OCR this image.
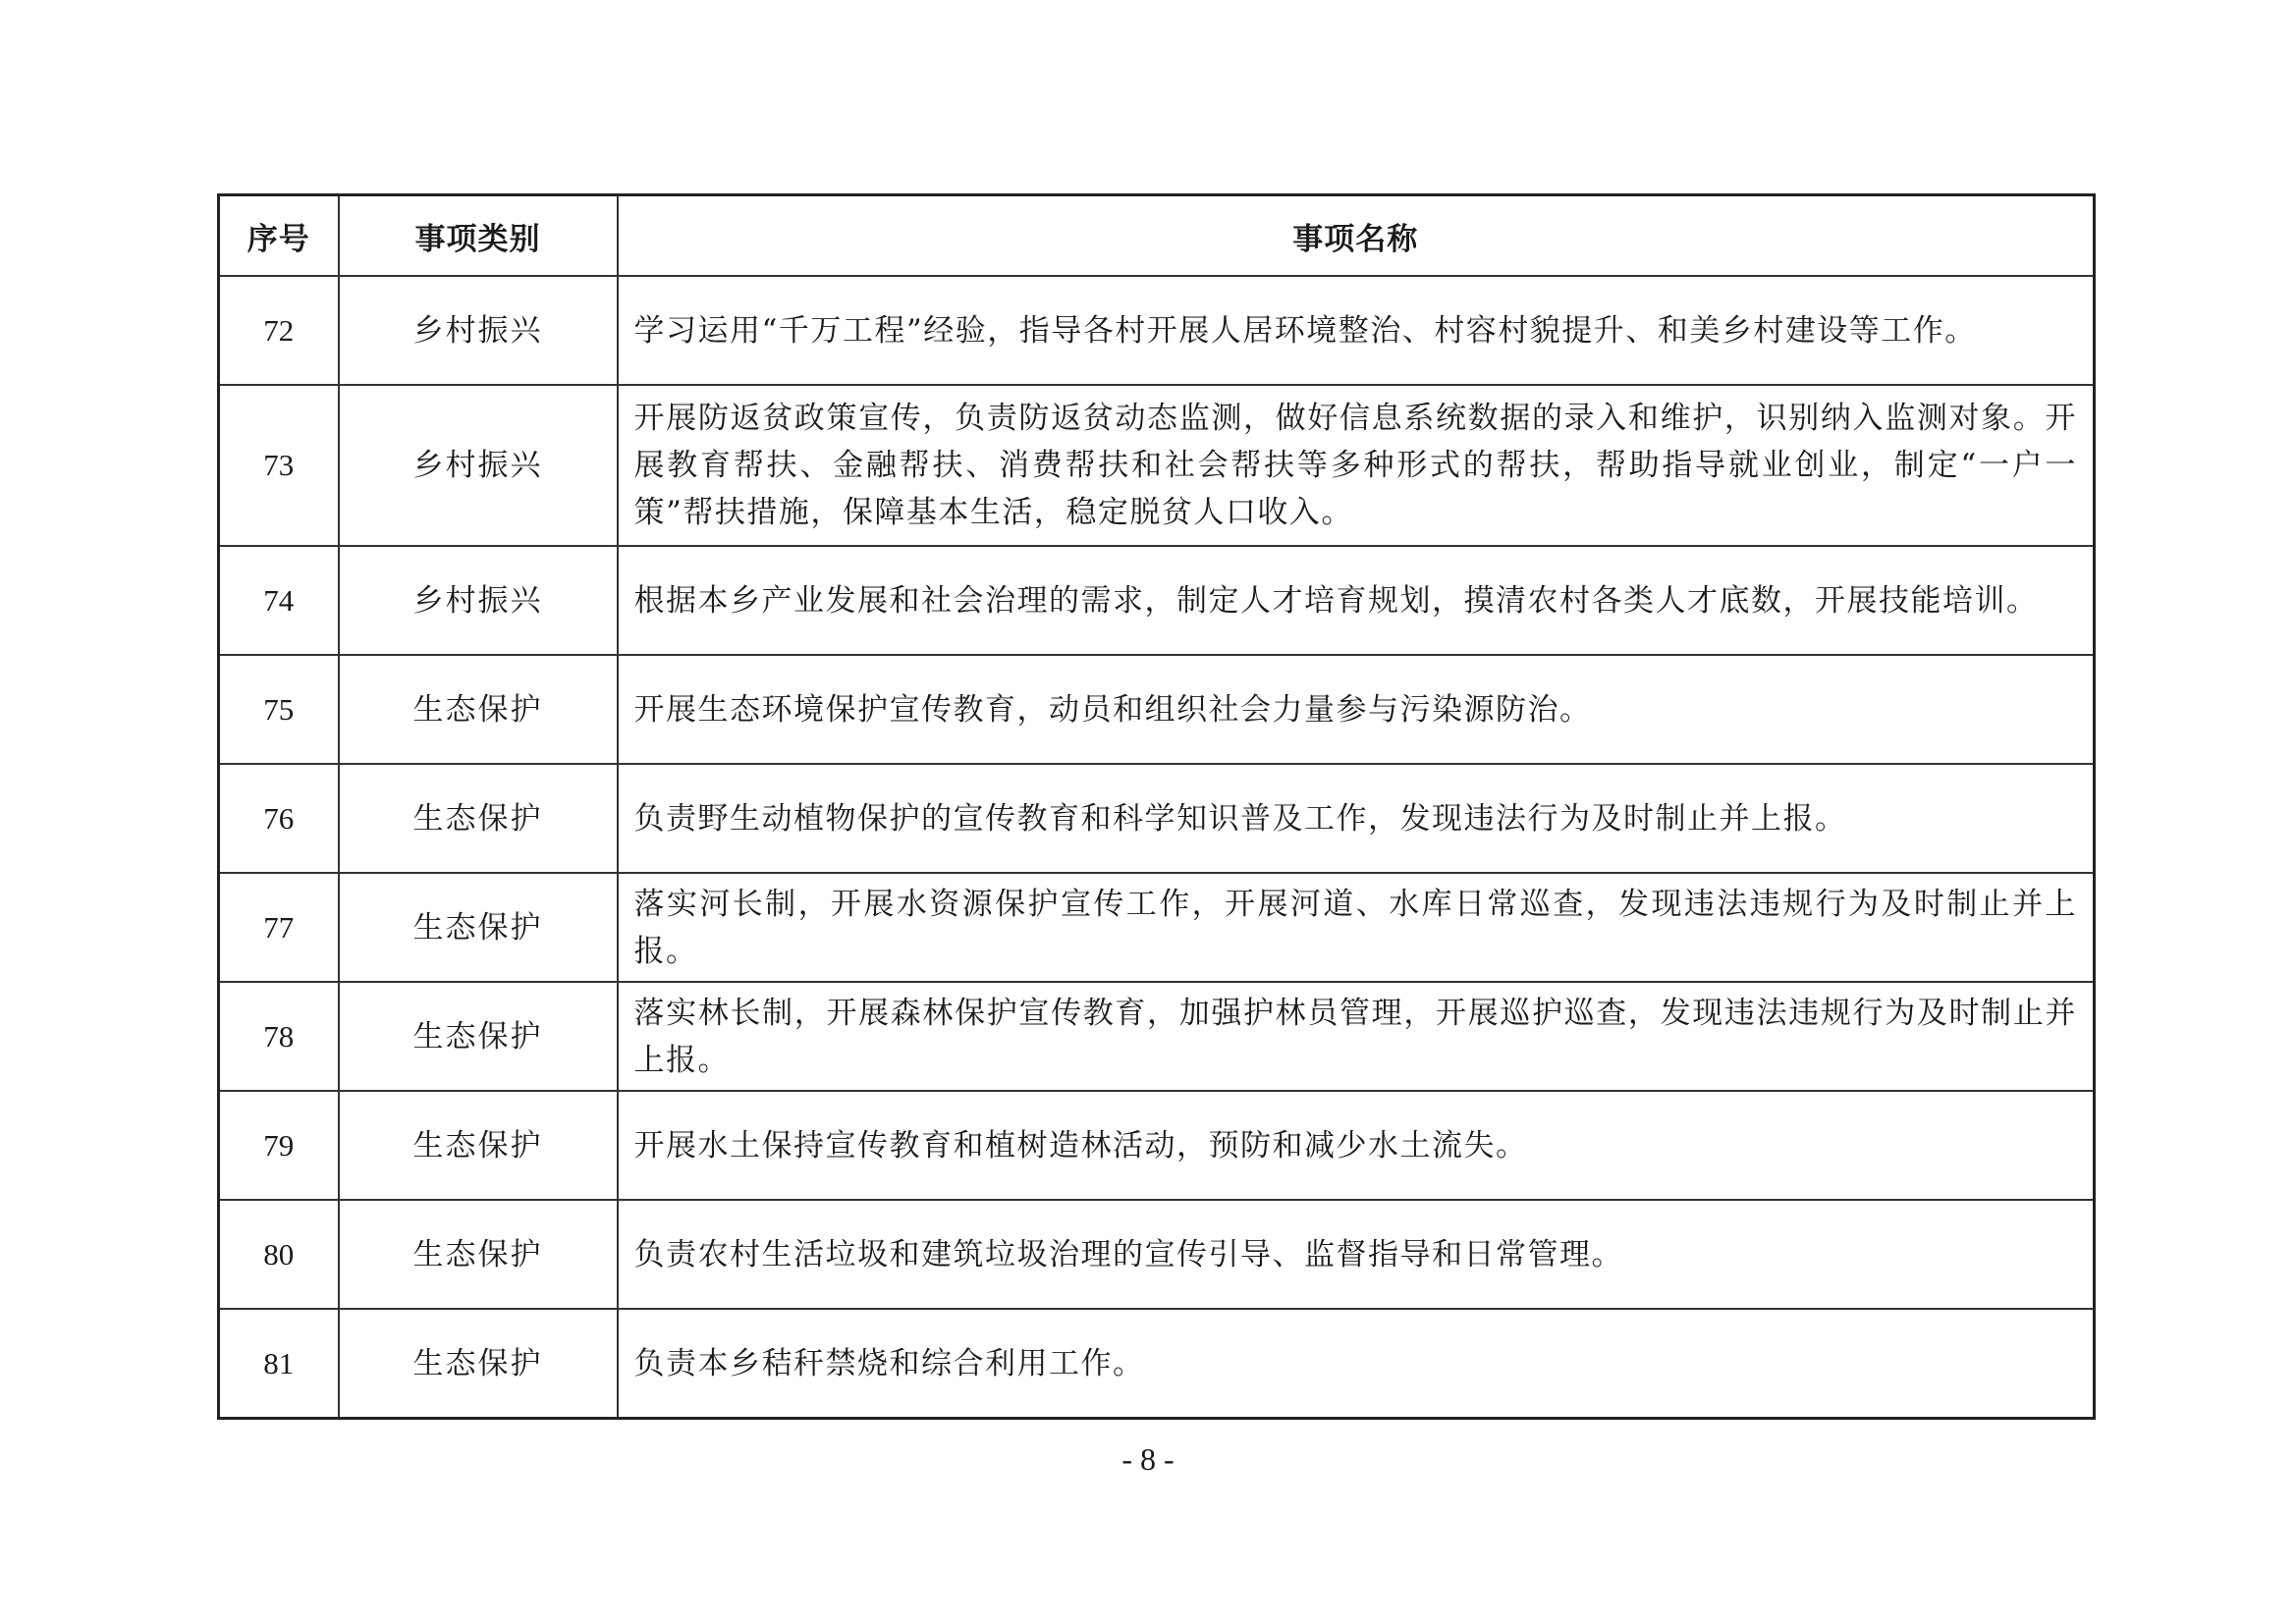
序号	事项类别	事项名称
72	乡村振兴	学习运用“千万工程”经验，指导各村开展人居环境整治、村容村貌提升、和美乡村建设等工作。
73	乡村振兴	开展防返贫政策宣传，负责防返贫动态监测，做好信息系统数据的录入和维护，识别纳入监测对象。开展教育帮扶、金融帮扶、消费帮扶和社会帮扶等多种形式的帮扶，帮助指导就业创业，制定“一户一策”帮扶措施，保障基本生活，稳定脱贫人口收入。
74	乡村振兴	根据本乡产业发展和社会治理的需求，制定人才培育规划，摸清农村各类人才底数，开展技能培训。
75	生态保护	开展生态环境保护宣传教育，动员和组织社会力量参与污染源防治。
76	生态保护	负责野生动植物保护的宣传教育和科学知识普及工作，发现违法行为及时制止并上报。
77	生态保护	落实河长制，开展水资源保护宣传工作，开展河道、水库日常巡查，发现违法违规行为及时制止并上报。
78	生态保护	落实林长制，开展森林保护宣传教育，加强护林员管理，开展巡护巡查，发现违法违规行为及时制止并上报。
79	生态保护	开展水土保持宣传教育和植树造林活动，预防和减少水土流失。
80	生态保护	负责农村生活垃圾和建筑垃圾治理的宣传引导、监督指导和日常管理。
81	生态保护	负责本乡秸秆禁烧和综合利用工作。
- 8 -
